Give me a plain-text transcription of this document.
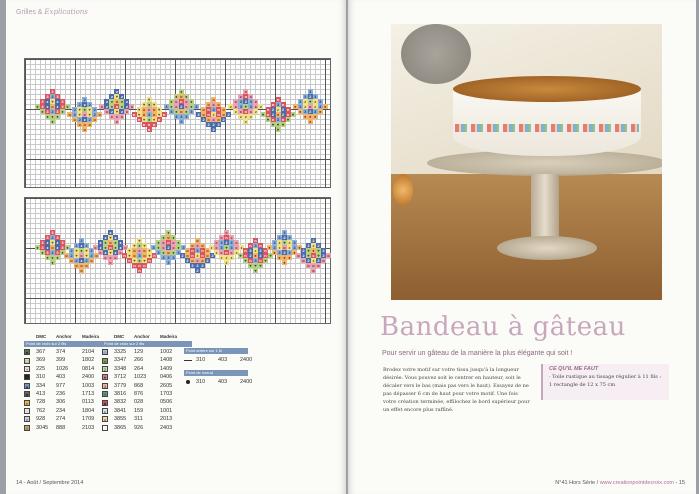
Grilles & Explications
3
3 2 3
3 z ♥ z 3
● 3 z o z 3 ●
● 3 2 3 ●
● ● ●
●
2
2 z 2
2 ♥ ● ♥ 2
o 2 ♥ c ♥ 2 o
o 2 z 2 o
o o o
o
z
z ♥ z
z ● o ● z
c z ● n ● z c
c z ♥ z c
c c c
c
♥
♥ ● ♥
♥ o c o ♥
n ♥ o 3 o ♥ n
n ♥ ● ♥ n
n n n
n
●
● o ●
● c n c ●
3 ● c 2 c ● 3
3 ● o ● 3
3 3 3
3
o
o c o
o n 3 n o
2 o n z n o 2
2 o c o 2
2 2 2
2
c
c n c
c 3 2 3 c
z c 3 ♥ 3 c z
z c n c z
z z z
z
n
n 3 n
n 2 z 2 n
♥ n 2 ● 2 n ♥
♥ n 3 n ♥
♥ ♥ ♥
♥
3
3 2 3
3 z ♥ z 3
● 3 z o z 3 ●
● 3 2 3 ●
● ● ●
●
3
3 2 3
3 z ♥ z 3
● 3 z o z 3 ●
● 3 2 3 ●
● ● ●
●
2
2 z 2
2 ♥ ● ♥ 2
o 2 ♥ c ♥ 2 o
o 2 z 2 o
o o o
o
z
z ♥ z
z ● o ● z
c z ● n ● z c
c z ♥ z c
c c c
c
♥
♥ ● ♥
♥ o c o ♥
n ♥ o 3 o ♥ n
n ♥ ● ♥ n
n n n
n
●
● o ●
● c n c ●
3 ● c 2 c ● 3
3 ● o ● 3
3 3 3
3
o
o c o
o n 3 n o
2 o n z n o 2
2 o c o 2
2 2 2
2
c
c n c
c 3 2 3 c
z c 3 ♥ 3 c z
z c n c z
z z z
z
n
n 3 n
n 2 z 2 n
♥ n 2 ● 2 n ♥
♥ n 3 n ♥
♥ ♥ ♥
♥
3
3 2 3
3 z ♥ z 3
● 3 z o z 3 ●
● 3 2 3 ●
● ● ●
●
2
2 z 2
2 ♥ ● ♥ 2
o 2 ♥ c ♥ 2 o
o 2 z 2 o
o o o
o
DMC	Anchor	Madeira
Point de croix sur 2 fils
■	367	374	2104
□	369	399	1802
+	225	1026	0814
●	310	403	2400
▲ 334	977	1003
◆ 413	236	1713
n	728	306	0113
·	762	234	1804
z	928	274	1709
×	3045	888	2103
DMC	Anchor	Madeira
Point de croix sur 2 fils
◇ 3325	129	1002
v	3347	266	1408
2	3348	264	1409
♥	3712	1023	0406
3	3779	868	2605
Y	3816	876	1703
◙	3832	028	0506
c	3841	159	1001
o	3855	311	2013
·	3865	926	2403
Point arrière sur 1 fil
310	403	2400
Point de noeud
310	403	2400
14 - Août / Septembre 2014
Bandeau à gâteau
Pour servir un gâteau de la manière la plus élégante qui soit !
Brodez votre motif sur votre tissu jusqu'à la longueur désirée. Vous pouvez soit le centrer en hauteur, soit le décaler vers le bas (mais pas vers le haut). Essayez de ne pas dépasser 6 cm de haut pour votre motif. Une fois votre création terminée, effilochez le bord supérieur pour un effet encore plus raffiné.
CE QU'IL ME FAUT
· Toile rustique au tissage régulier à 11 fils :
1 rectangle de 12 x 75 cm
N°41 Hors Série / www.creationpointdecroix.com - 15
